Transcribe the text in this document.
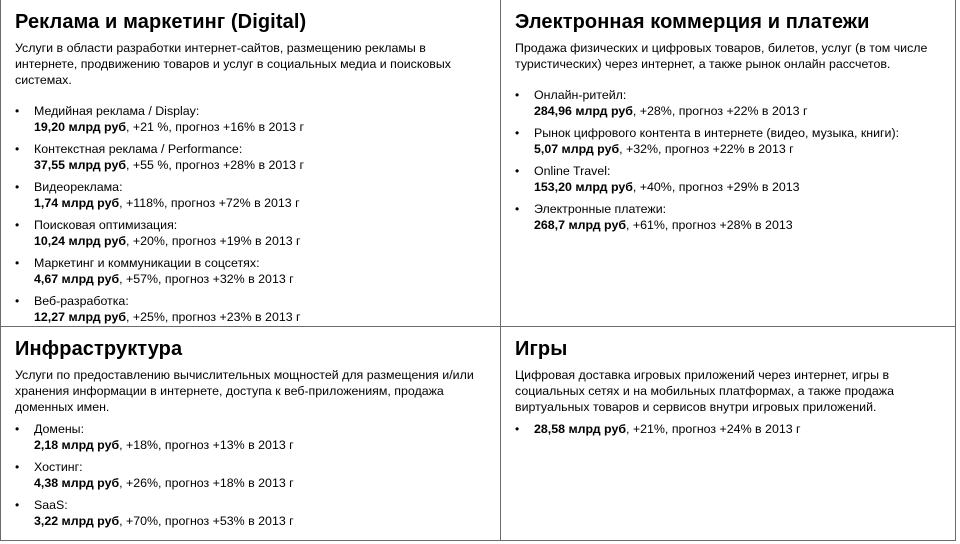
Реклама и маркетинг (Digital)

Услуги в области разработки интернет-сайтов, размещению рекламы в интернете, продвижению товаров и услуг в социальных медиа и поисковых системах.

• Медийная реклама / Display:
19,20 млрд руб, +21 %, прогноз +16% в 2013 г
• Контекстная реклама / Performance:
37,55 млрд руб, +55 %, прогноз +28% в 2013 г
• Видеореклама:
1,74 млрд руб, +118%, прогноз +72% в 2013 г
• Поисковая оптимизация:
10,24 млрд руб, +20%, прогноз +19% в 2013 г
• Маркетинг и коммуникации в соцсетях:
4,67 млрд руб, +57%, прогноз +32% в 2013 г
• Веб-разработка:
12,27 млрд руб, +25%, прогноз +23% в 2013 г
Электронная коммерция и платежи

Продажа физических и цифровых товаров, билетов, услуг (в том числе туристических) через интернет, а также рынок онлайн рассчетов.

• Онлайн-ритейл:
284,96 млрд руб, +28%, прогноз +22% в 2013 г
• Рынок цифрового контента в интернете (видео, музыка, книги):
5,07 млрд руб, +32%, прогноз +22% в 2013 г
• Online Travel:
153,20 млрд руб, +40%, прогноз +29% в 2013
• Электронные платежи:
268,7 млрд руб, +61%, прогноз +28% в 2013
Инфраструктура

Услуги по предоставлению вычислительных мощностей для размещения и/или хранения информации в интернете, доступа к веб-приложениям, продажа доменных имен.

• Домены:
2,18 млрд руб, +18%, прогноз +13% в 2013 г
• Хостинг:
4,38 млрд руб, +26%, прогноз +18% в 2013 г
• SaaS:
3,22 млрд руб, +70%, прогноз +53% в 2013 г
Игры

Цифровая доставка игровых приложений через интернет, игры в социальных сетях и на мобильных платформах, а также продажа виртуальных товаров и сервисов внутри игровых приложений.

• 28,58 млрд руб, +21%, прогноз +24% в 2013 г
